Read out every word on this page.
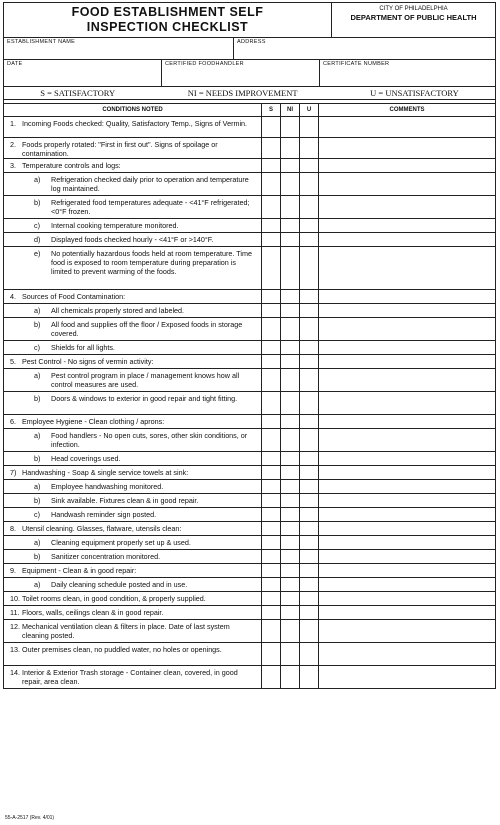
FOOD ESTABLISHMENT SELF
INSPECTION CHECKLIST
CITY OF PHILADELPHIA
DEPARTMENT OF PUBLIC HEALTH
ESTABLISHMENT NAME	ADDRESS
DATE	CERTIFIED FOODHANDLER	CERTIFICATE NUMBER
S = SATISFACTORY	NI = NEEDS IMPROVEMENT	U = UNSATISFACTORY
CONDITIONS NOTED	S	NI	U	COMMENTS
1. Incoming Foods checked: Quality, Satisfactory Temp., Signs of Vermin.
2. Foods properly rotated: "First in first out". Signs of spoilage or contamination.
3. Temperature controls and logs:
a)	Refrigeration checked daily prior to operation and temperature log maintained.
b)	Refrigerated food temperatures adequate - <41°F refrigerated; <0°F frozen.
c)	Internal cooking temperature monitored.
d)	Displayed foods checked hourly - <41°F or >140°F.
e)	No potentially hazardous foods held at room temperature. Time food is exposed to room temperature during preparation is limited to prevent warming of the foods.
4. Sources of Food Contamination:
a)	All chemicals properly stored and labeled.
b)	All food and supplies off the floor / Exposed foods in storage covered.
c)	Shields for all lights.
5. Pest Control - No signs of vermin activity:
a)	Pest control program in place / management knows how all control measures are used.
b)	Doors & windows to exterior in good repair and tight fitting.
6. Employee Hygiene - Clean clothing / aprons:
a)	Food handlers - No open cuts, sores, other skin conditions, or infection.
b)	Head coverings used.
7) Handwashing - Soap & single service towels at sink:
a)	Employee handwashing monitored.
b)	Sink available. Fixtures clean & in good repair.
c)	Handwash reminder sign posted.
8. Utensil cleaning. Glasses, flatware, utensils clean:
a)	Cleaning equipment properly set up & used.
b)	Sanitizer concentration monitored.
9. Equipment - Clean & in good repair:
a)	Daily cleaning schedule posted and in use.
10. Toilet rooms clean, in good condition, & properly supplied.
11. Floors, walls, ceilings clean & in good repair.
12. Mechanical ventilation clean & filters in place. Date of last system cleaning posted.
13. Outer premises clean, no puddled water, no holes or openings.
14. Interior & Exterior Trash storage - Container clean, covered, in good repair, area clean.
55-A-2517 (Rev. 4/01)
